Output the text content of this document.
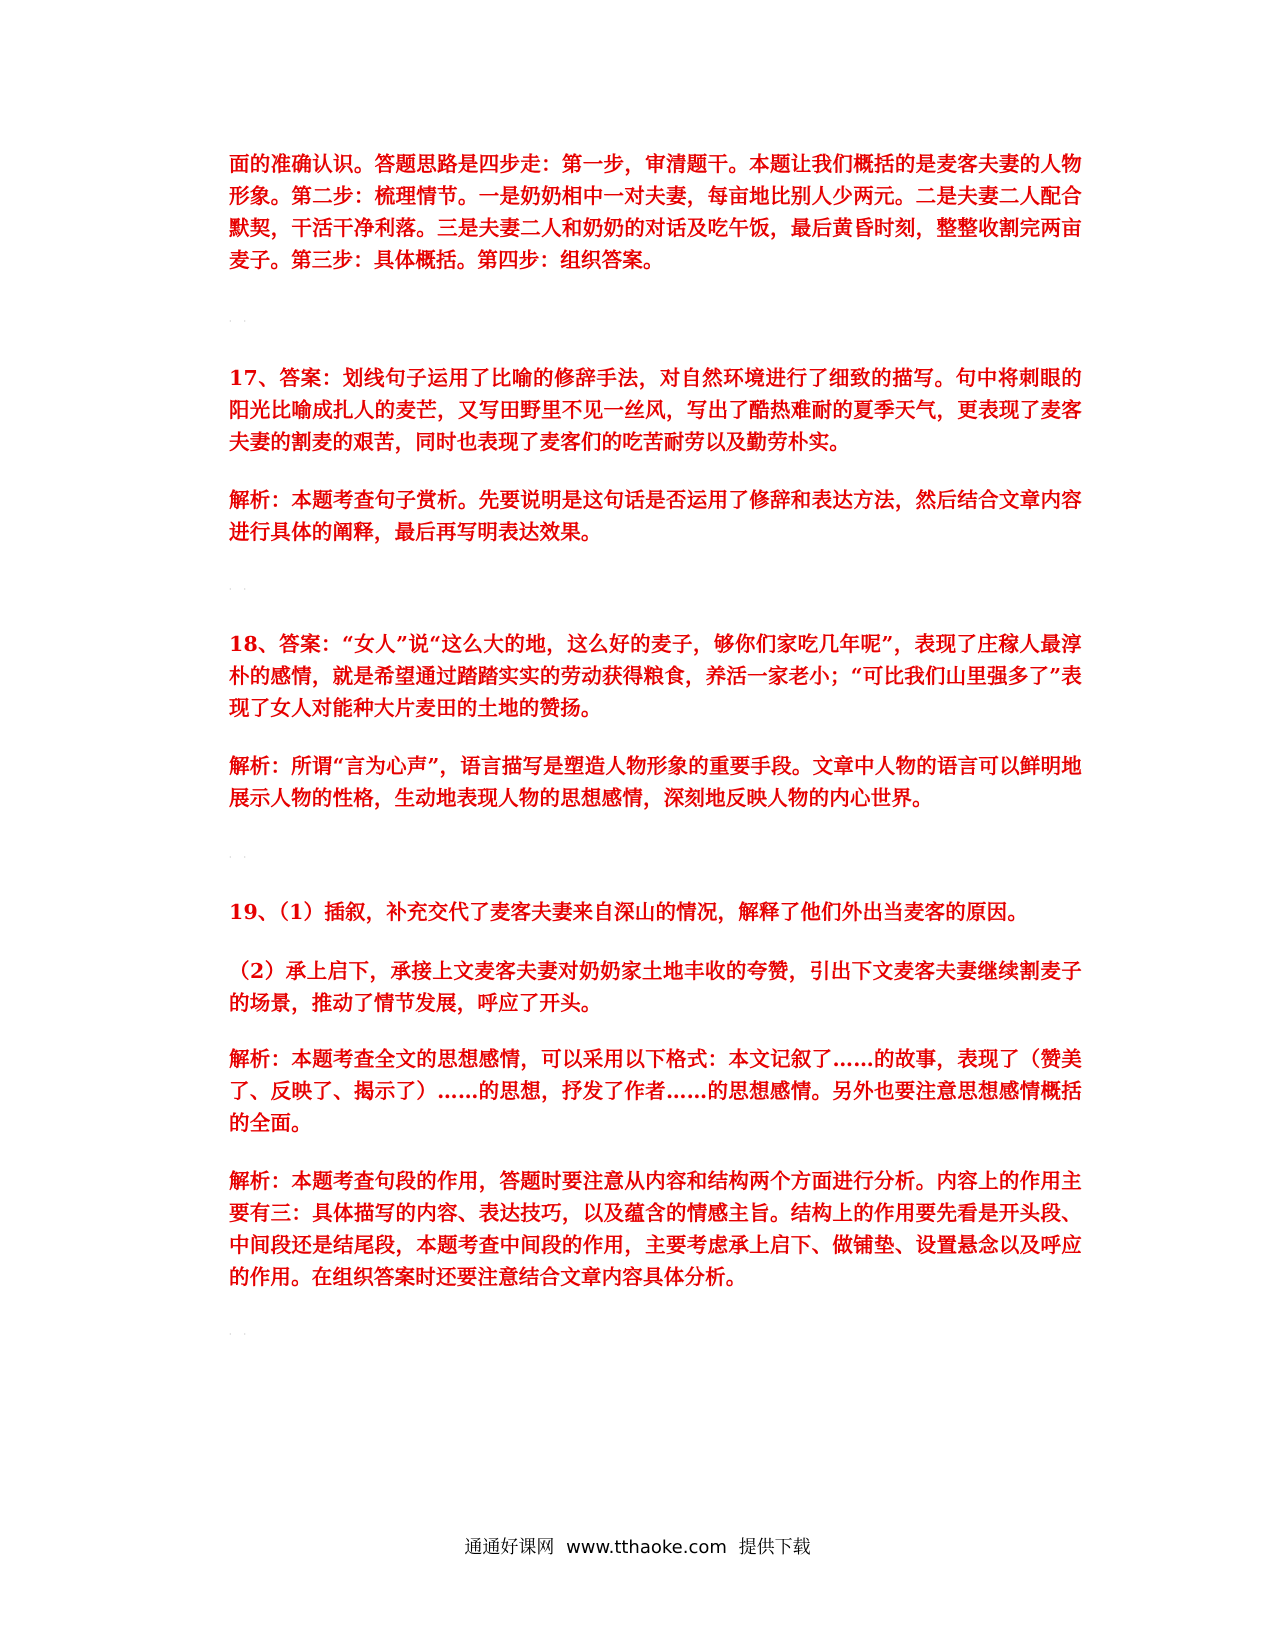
面的准确认识。答题思路是四步走：第一步，审清题干。本题让我们概括的是麦客夫妻的人物形象。第二步：梳理情节。一是奶奶相中一对夫妻，每亩地比别人少两元。二是夫妻二人配合默契，干活干净利落。三是夫妻二人和奶奶的对话及吃午饭，最后黄昏时刻，整整收割完两亩麦子。第三步：具体概括。第四步：组织答案。

··

17、答案：划线句子运用了比喻的修辞手法，对自然环境进行了细致的描写。句中将刺眼的阳光比喻成扎人的麦芒，又写田野里不见一丝风，写出了酷热难耐的夏季天气，更表现了麦客夫妻的割麦的艰苦，同时也表现了麦客们的吃苦耐劳以及勤劳朴实。

解析：本题考查句子赏析。先要说明是这句话是否运用了修辞和表达方法，然后结合文章内容进行具体的阐释，最后再写明表达效果。

··

18、答案：“女人”说“这么大的地，这么好的麦子，够你们家吃几年呢”，表现了庄稼人最淳朴的感情，就是希望通过踏踏实实的劳动获得粮食，养活一家老小；“可比我们山里强多了”表现了女人对能种大片麦田的土地的赞扬。

解析：所谓“言为心声”，语言描写是塑造人物形象的重要手段。文章中人物的语言可以鲜明地展示人物的性格，生动地表现人物的思想感情，深刻地反映人物的内心世界。

··

19、（1）插叙，补充交代了麦客夫妻来自深山的情况，解释了他们外出当麦客的原因。

（2）承上启下，承接上文麦客夫妻对奶奶家土地丰收的夸赞，引出下文麦客夫妻继续割麦子的场景，推动了情节发展，呼应了开头。

解析：本题考查全文的思想感情，可以采用以下格式：本文记叙了……的故事，表现了（赞美了、反映了、揭示了）……的思想，抒发了作者……的思想感情。另外也要注意思想感情概括的全面。

解析：本题考查句段的作用，答题时要注意从内容和结构两个方面进行分析。内容上的作用主要有三：具体描写的内容、表达技巧，以及蕴含的情感主旨。结构上的作用要先看是开头段、中间段还是结尾段，本题考查中间段的作用，主要考虑承上启下、做铺垫、设置悬念以及呼应的作用。在组织答案时还要注意结合文章内容具体分析。

··
通通好课网 www.tthaoke.com 提供下载
